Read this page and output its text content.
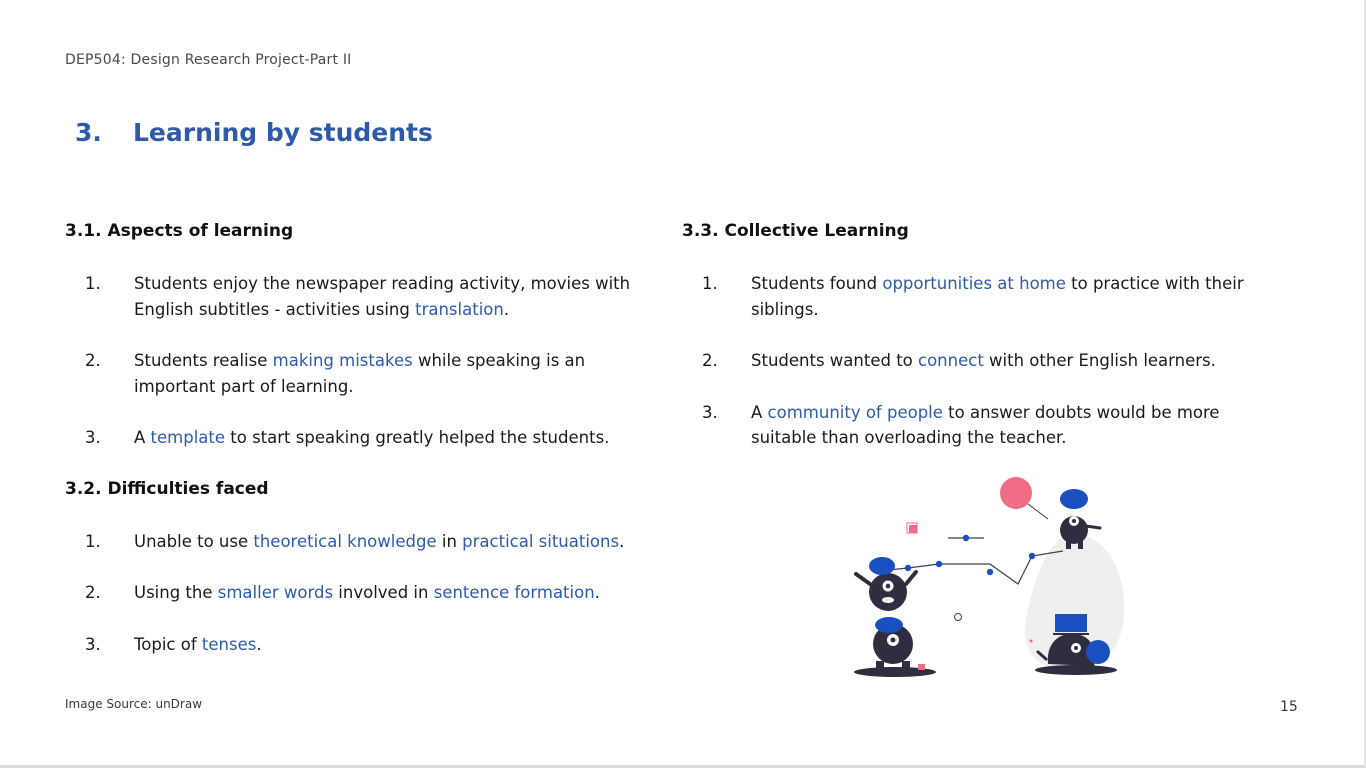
DEP504: Design Research Project-Part II
3. Learning by students
3.1. Aspects of learning
1. Students enjoy the newspaper reading activity, movies with English subtitles - activities using translation.
2. Students realise making mistakes while speaking is an important part of learning.
3. A template to start speaking greatly helped the students.
3.2. Difficulties faced
1. Unable to use theoretical knowledge in practical situations.
2. Using the smaller words involved in sentence formation.
3. Topic of tenses.
3.3. Collective Learning
1. Students found opportunities at home to practice with their siblings.
2. Students wanted to connect with other English learners.
3. A community of people to answer doubts would be more suitable than overloading the teacher.
Image Source: unDraw	15
